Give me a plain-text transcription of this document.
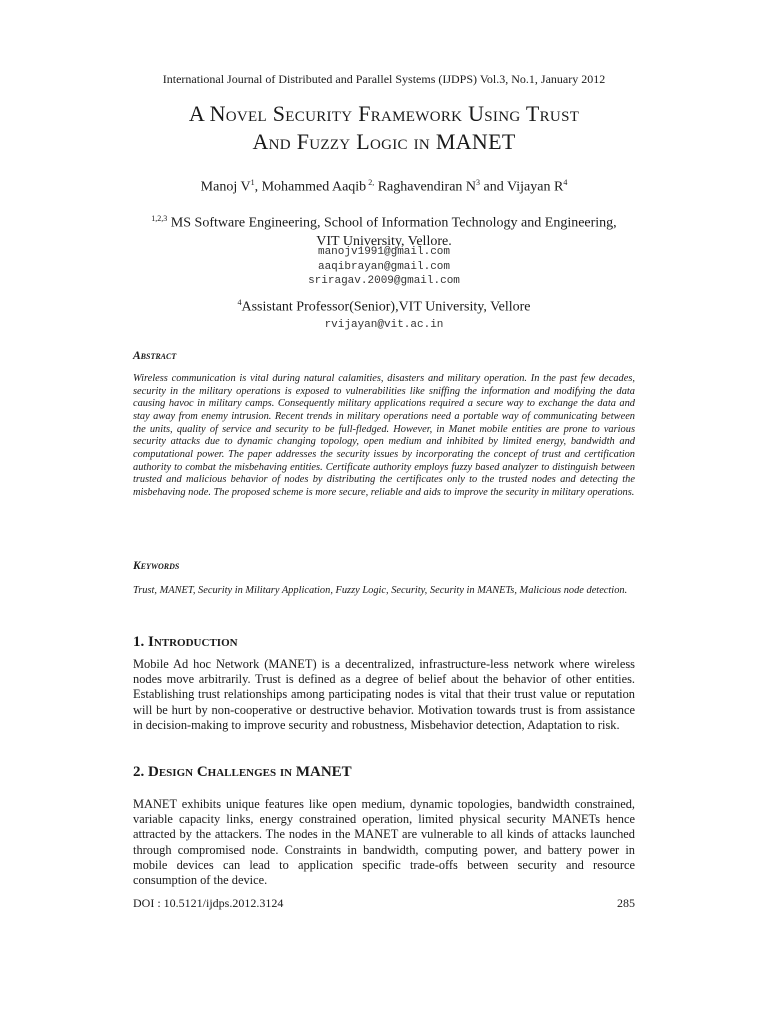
International Journal of Distributed and Parallel Systems (IJDPS) Vol.3, No.1, January 2012
A Novel Security Framework Using Trust
And Fuzzy Logic in MANET
Manoj $V^1$, Mohammed Aaqib $^{2,}$ Raghavendiran $N^3$ and Vijayan $R^4$
$^{1,2,3}$ MS Software Engineering, School of Information Technology and Engineering,
VIT University, Vellore.
manojv1991@gmail.com
aaqibrayan@gmail.com
sriragav.2009@gmail.com
$^4$Assistant Professor(Senior),VIT University, Vellore
rvijayan@vit.ac.in
Abstract
Wireless communication is vital during natural calamities, disasters and military operation. In the past few decades, security in the military operations is exposed to vulnerabilities like sniffing the information and modifying the data causing havoc in military camps. Consequently military applications required a secure way to exchange the data and stay away from enemy intrusion. Recent trends in military operations need a portable way of communicating between the units, quality of service and security to be full-fledged. However, in Manet mobile entities are prone to various security attacks due to dynamic changing topology, open medium and inhibited by limited energy, bandwidth and computational power. The paper addresses the security issues by incorporating the concept of trust and certification authority to combat the misbehaving entities. Certificate authority employs fuzzy based analyzer to distinguish between trusted and malicious behavior of nodes by distributing the certificates only to the trusted nodes and detecting the misbehaving node. The proposed scheme is more secure, reliable and aids to improve the security in military operations.
Keywords
Trust, MANET, Security in Military Application, Fuzzy Logic, Security, Security in MANETs, Malicious node detection.
1. Introduction
Mobile Ad hoc Network (MANET) is a decentralized, infrastructure-less network where wireless nodes move arbitrarily. Trust is defined as a degree of belief about the behavior of other entities. Establishing trust relationships among participating nodes is vital that their trust value or reputation will be hurt by non-cooperative or destructive behavior. Motivation towards trust is from assistance in decision-making to improve security and robustness, Misbehavior detection, Adaptation to risk.
2. Design Challenges in MANET
MANET exhibits unique features like open medium, dynamic topologies, bandwidth constrained, variable capacity links, energy constrained operation, limited physical security MANETs hence attracted by the attackers. The nodes in the MANET are vulnerable to all kinds of attacks launched through compromised node. Constraints in bandwidth, computing power, and battery power in mobile devices can lead to application specific trade-offs between security and resource consumption of the device.
DOI : 10.5121/ijdps.2012.3124	285
